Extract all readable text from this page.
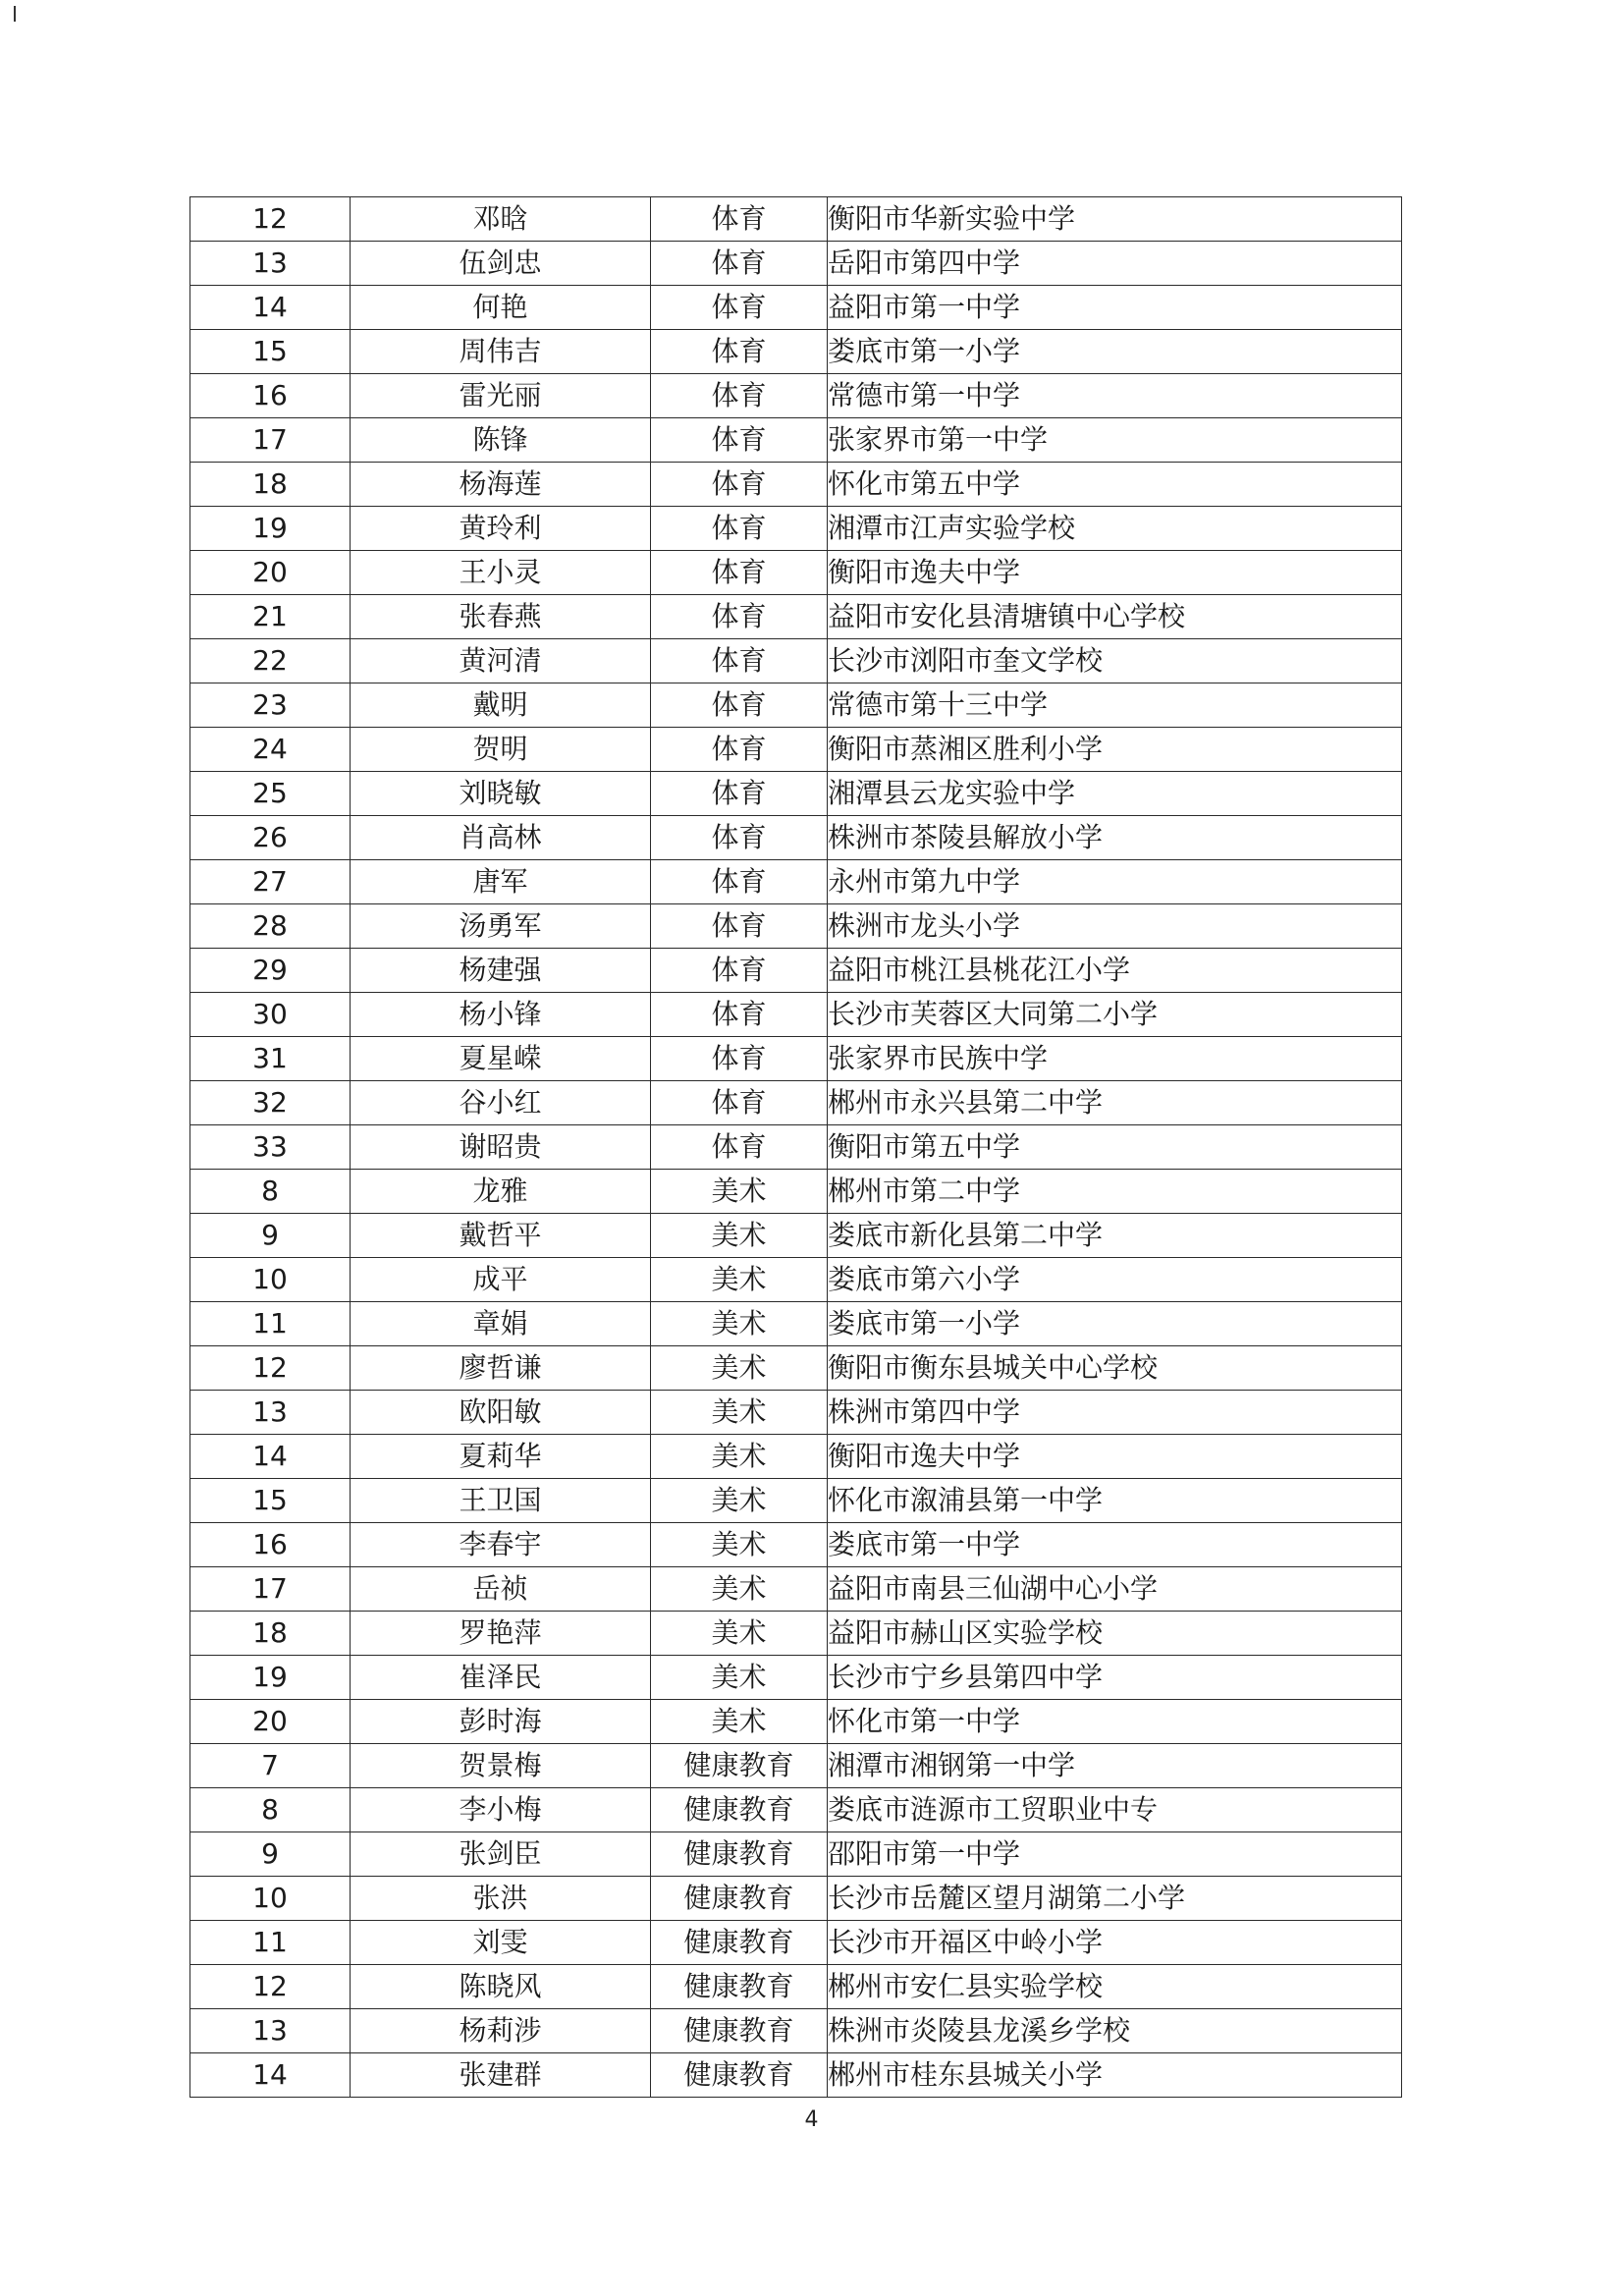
12	邓晗	体育	衡阳市华新实验中学
13	伍剑忠	体育	岳阳市第四中学
14	何艳	体育	益阳市第一中学
15	周伟吉	体育	娄底市第一小学
16	雷光丽	体育	常德市第一中学
17	陈锋	体育	张家界市第一中学
18	杨海莲	体育	怀化市第五中学
19	黄玲利	体育	湘潭市江声实验学校
20	王小灵	体育	衡阳市逸夫中学
21	张春燕	体育	益阳市安化县清塘镇中心学校
22	黄河清	体育	长沙市浏阳市奎文学校
23	戴明	体育	常德市第十三中学
24	贺明	体育	衡阳市蒸湘区胜利小学
25	刘晓敏	体育	湘潭县云龙实验中学
26	肖高林	体育	株洲市茶陵县解放小学
27	唐军	体育	永州市第九中学
28	汤勇军	体育	株洲市龙头小学
29	杨建强	体育	益阳市桃江县桃花江小学
30	杨小锋	体育	长沙市芙蓉区大同第二小学
31	夏星嵘	体育	张家界市民族中学
32	谷小红	体育	郴州市永兴县第二中学
33	谢昭贵	体育	衡阳市第五中学
8	龙雅	美术	郴州市第二中学
9	戴哲平	美术	娄底市新化县第二中学
10	成平	美术	娄底市第六小学
11	章娟	美术	娄底市第一小学
12	廖哲谦	美术	衡阳市衡东县城关中心学校
13	欧阳敏	美术	株洲市第四中学
14	夏莉华	美术	衡阳市逸夫中学
15	王卫国	美术	怀化市溆浦县第一中学
16	李春宇	美术	娄底市第一中学
17	岳祯	美术	益阳市南县三仙湖中心小学
18	罗艳萍	美术	益阳市赫山区实验学校
19	崔泽民	美术	长沙市宁乡县第四中学
20	彭时海	美术	怀化市第一中学
7	贺景梅	健康教育	湘潭市湘钢第一中学
8	李小梅	健康教育	娄底市涟源市工贸职业中专
9	张剑臣	健康教育	邵阳市第一中学
10	张洪	健康教育	长沙市岳麓区望月湖第二小学
11	刘雯	健康教育	长沙市开福区中岭小学
12	陈晓风	健康教育	郴州市安仁县实验学校
13	杨莉涉	健康教育	株洲市炎陵县龙溪乡学校
14	张建群	健康教育	郴州市桂东县城关小学
4
